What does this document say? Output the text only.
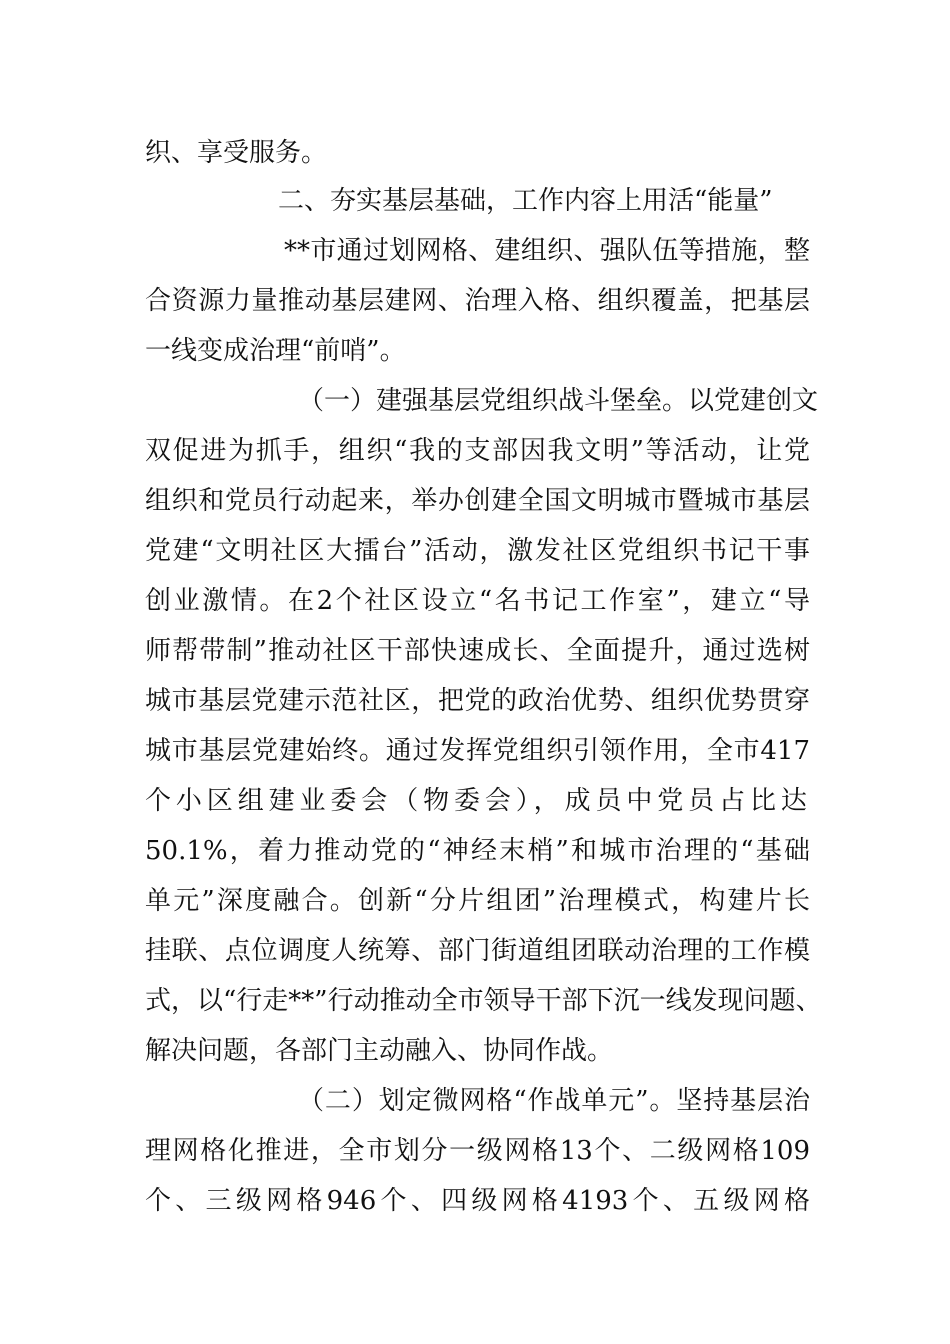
织、享受服务。
二、夯实基层基础，工作内容上用活“能量”
**市通过划网格、建组织、强队伍等措施，整
合资源力量推动基层建网、治理入格、组织覆盖，把基层
一线变成治理“前哨”。
（一）建强基层党组织战斗堡垒。以党建创文
双促进为抓手，组织“我的支部因我文明”等活动，让党
组织和党员行动起来，举办创建全国文明城市暨城市基层
党建“文明社区大擂台”活动，激发社区党组织书记干事
创业激情。在2个社区设立“名书记工作室”，建立“导
师帮带制”推动社区干部快速成长、全面提升，通过选树
城市基层党建示范社区，把党的政治优势、组织优势贯穿
城市基层党建始终。通过发挥党组织引领作用，全市417
个小区组建业委会（物委会），成员中党员占比达
50.1%，着力推动党的“神经末梢”和城市治理的“基础
单元”深度融合。创新“分片组团”治理模式，构建片长
挂联、点位调度人统筹、部门街道组团联动治理的工作模
式，以“行走**”行动推动全市领导干部下沉一线发现问题、
解决问题，各部门主动融入、协同作战。
（二）划定微网格“作战单元”。坚持基层治
理网格化推进，全市划分一级网格13个、二级网格109
个、三级网格946个、四级网格4193个、五级网格
